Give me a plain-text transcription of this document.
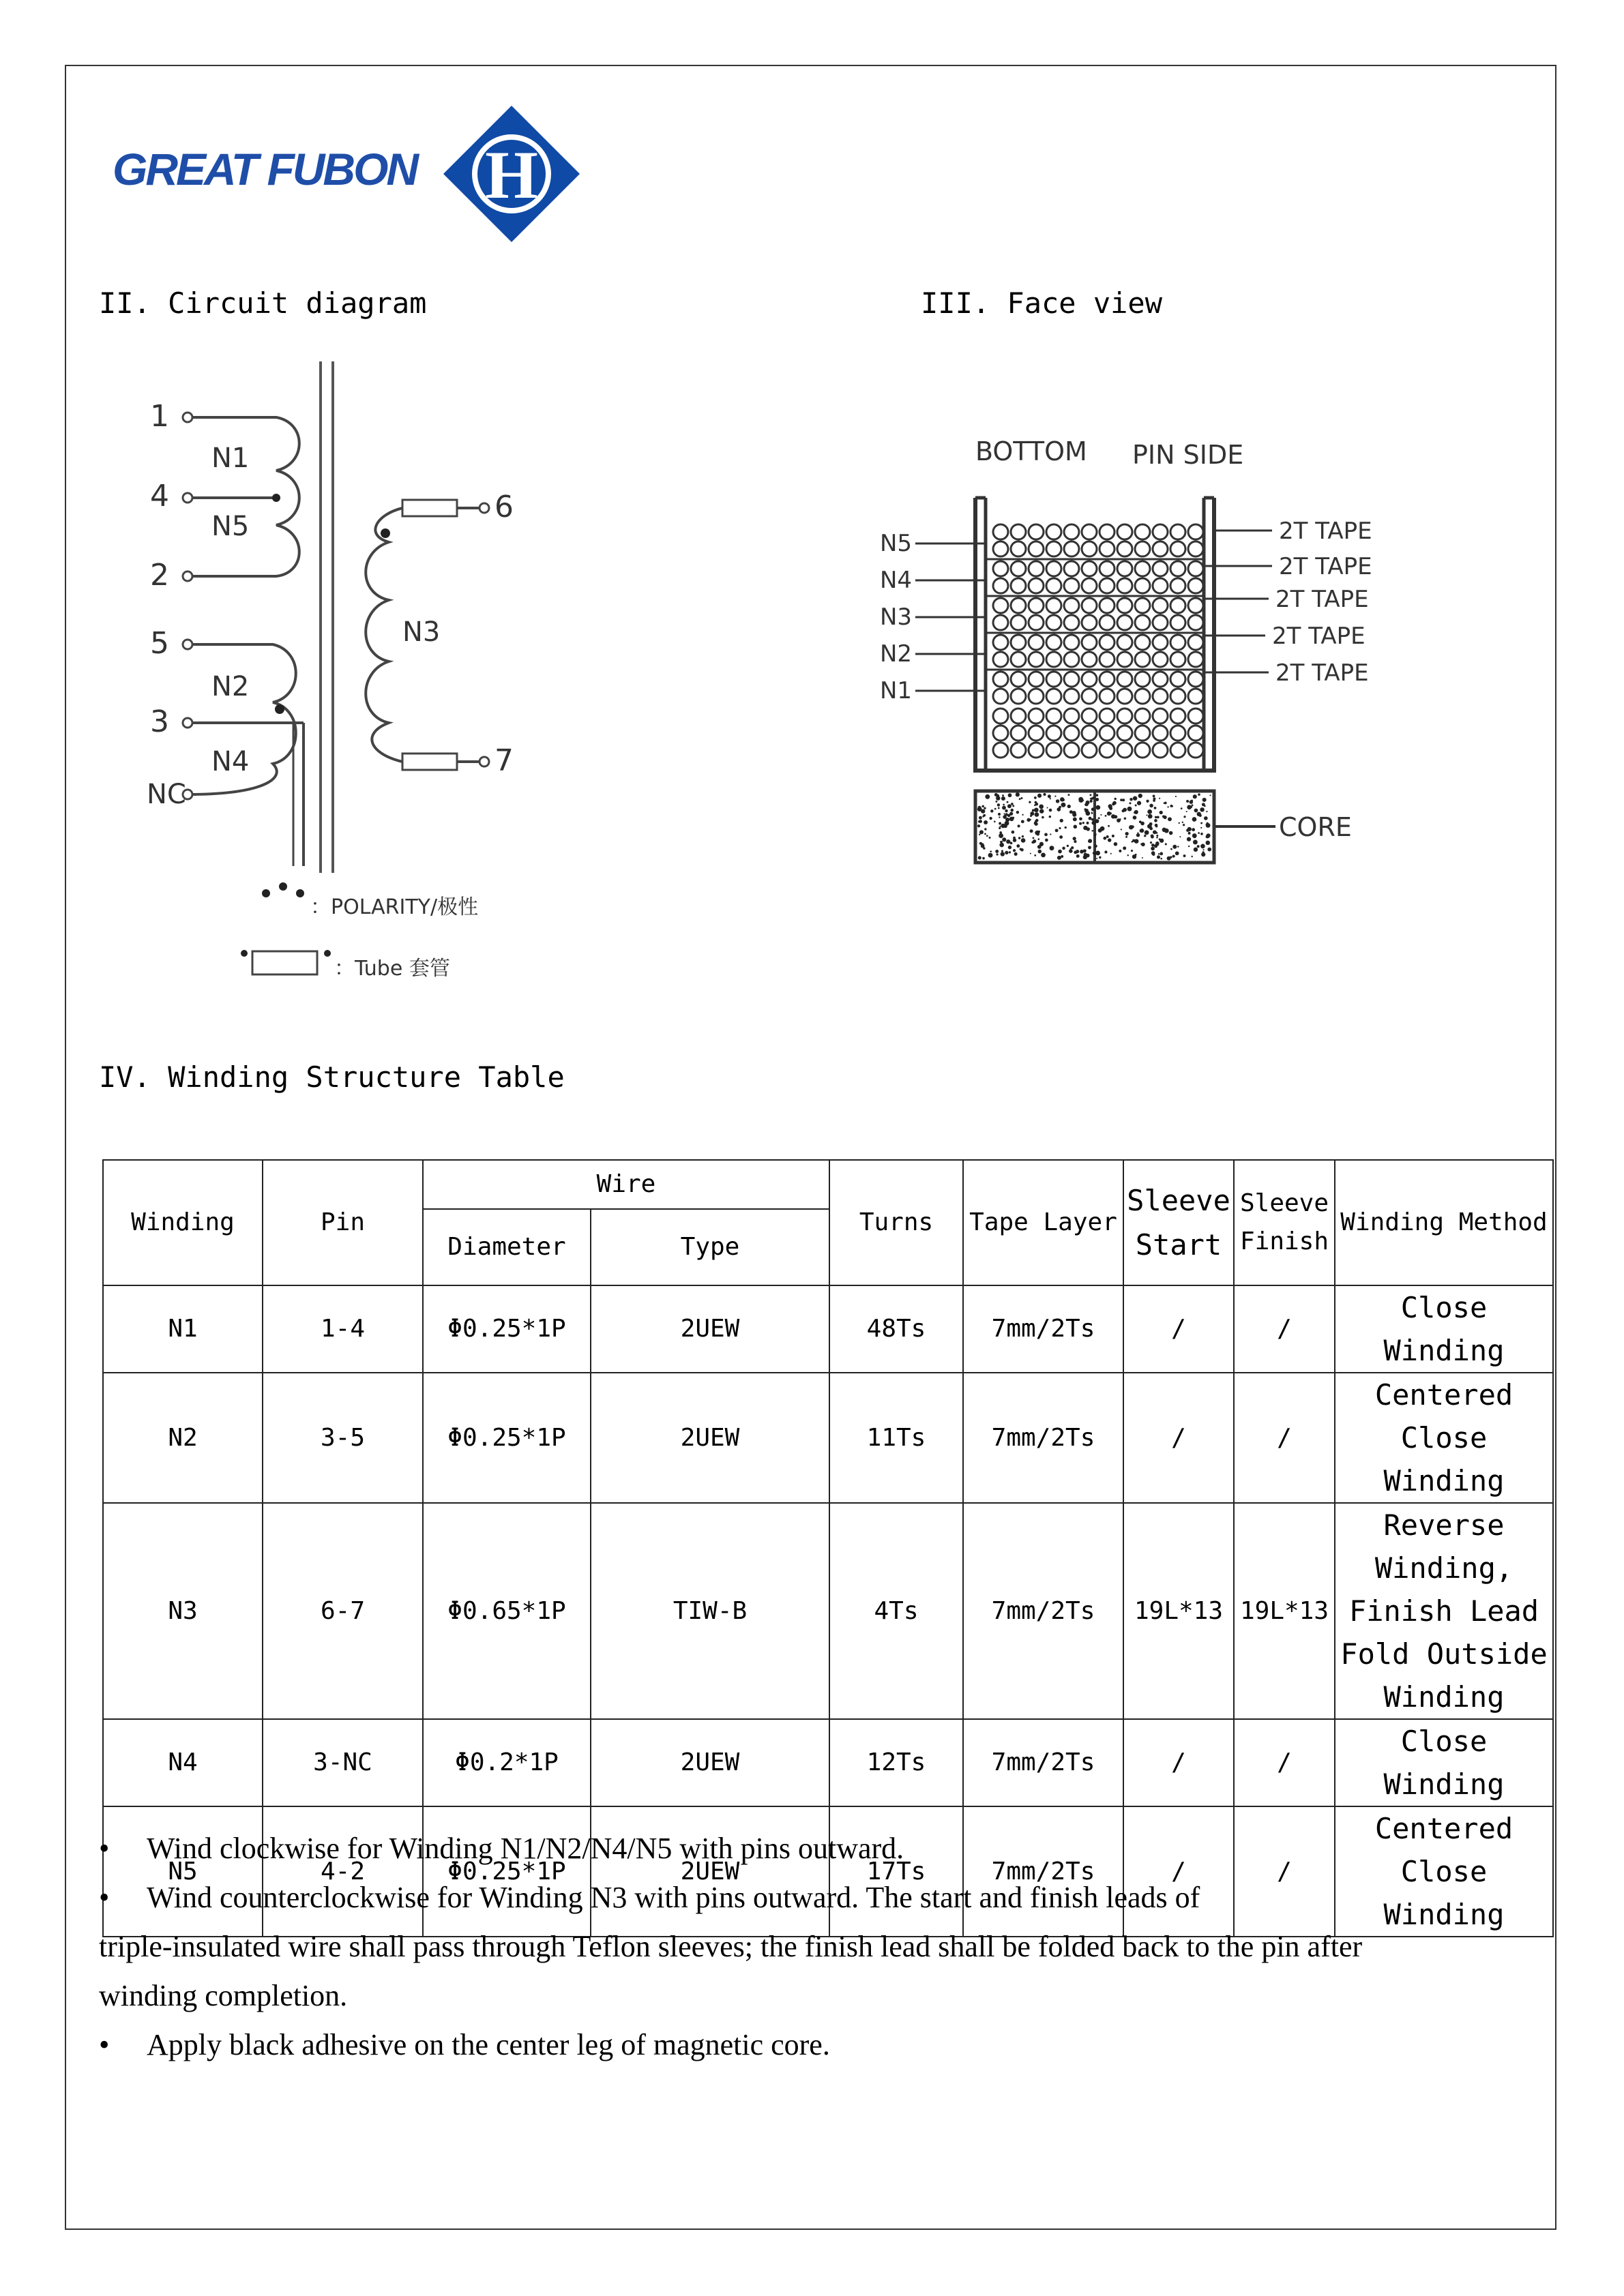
GREAT FUBON H
II. Circuit diagram	III. Face view
IV. Winding Structure Table
1
4
2
5
3
NC
6
7
N1
N5
N2
N4
N3
：POLARITY/极性
：Tube 套管
BOTTOM PIN SIDE
CORE
N5
N4
N3
N2
N1
2T TAPE
2T TAPE
2T TAPE
2T TAPE
2T TAPE
Winding	Pin	Wire		Turns	Tape Layer	Sleeve Start	Sleeve Finish	Winding Method
		Diameter	Type					
N1	1-4	Φ0.25*1P	2UEW	48Ts	7mm/2Ts	/	/	Close Winding
N2	3-5	Φ0.25*1P	2UEW	11Ts	7mm/2Ts	/	/	Centered Close Winding
N3	6-7	Φ0.65*1P	TIW-B	4Ts	7mm/2Ts	19L*13	19L*13	Reverse Winding, Finish Lead Fold Outside Winding
N4	3-NC	Φ0.2*1P	2UEW	12Ts	7mm/2Ts	/	/	Close Winding
N5	4-2	Φ0.25*1P	2UEW	17Ts	7mm/2Ts	/	/	Centered Close Winding
• Wind clockwise for Winding N1/N2/N4/N5 with pins outward.
• Wind counterclockwise for Winding N3 with pins outward. The start and finish leads of
triple-insulated wire shall pass through Teflon sleeves; the finish lead shall be folded back to the pin after
winding completion.
• Apply black adhesive on the center leg of magnetic core.
